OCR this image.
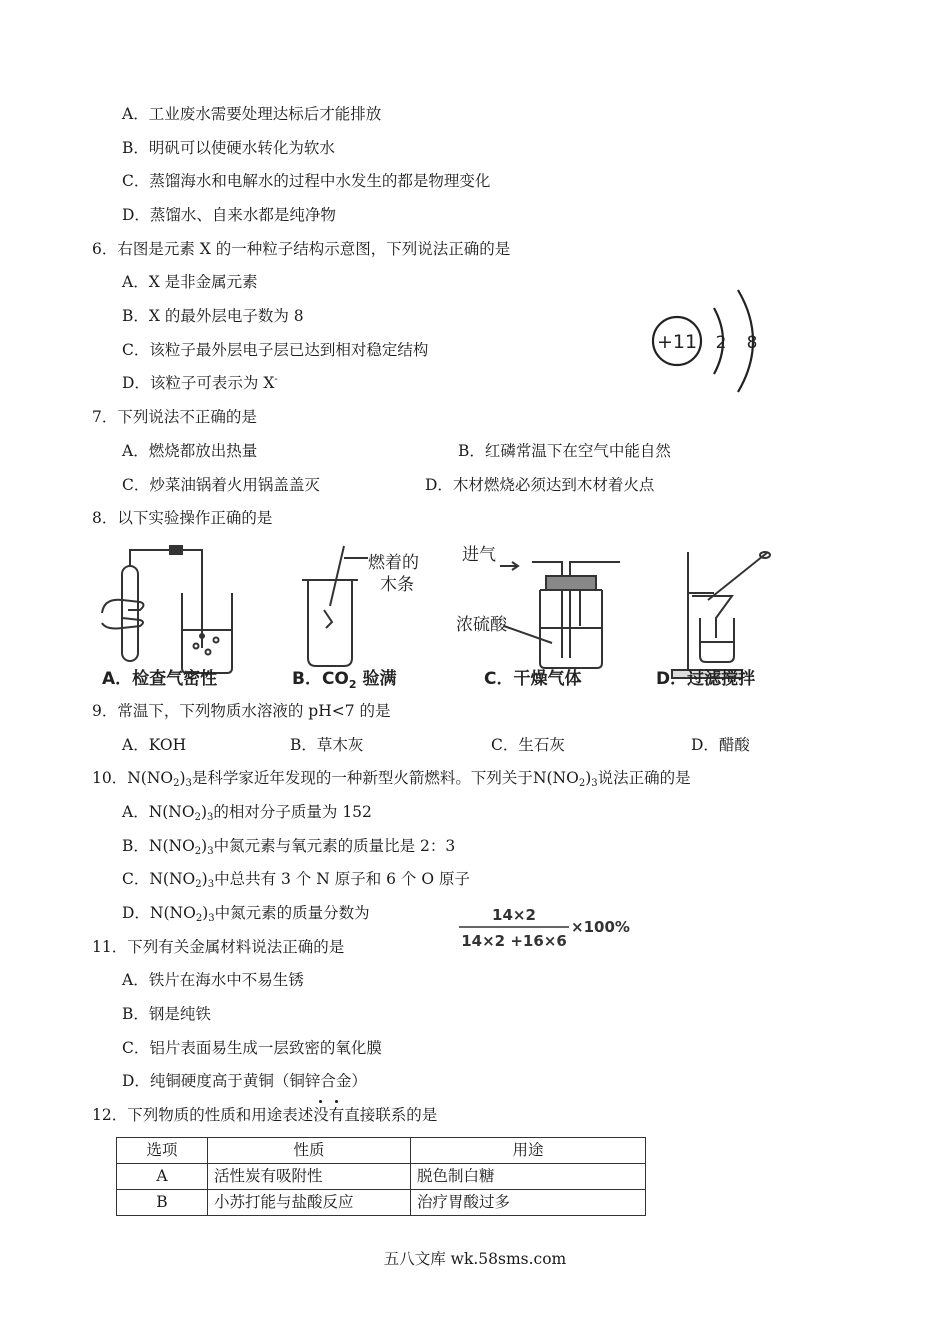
A．工业废水需要处理达标后才能排放
B．明矾可以使硬水转化为软水
C．蒸馏海水和电解水的过程中水发生的都是物理变化
D．蒸馏水、自来水都是纯净物
6．右图是元素 X 的一种粒子结构示意图，下列说法正确的是
A．X 是非金属元素
B．X 的最外层电子数为 8
C．该粒子最外层电子层已达到相对稳定结构
D．该粒子可表示为 X-
+11 2 8
7．下列说法不正确的是
A．燃烧都放出热量	B．红磷常温下在空气中能自然
C．炒菜油锅着火用锅盖盖灭	D．木材燃烧必须达到木材着火点
8．以下实验操作正确的是
燃着的
木条
进气
浓硫酸
A．检查气密性	B．$CO_2$ 验满	C．干燥气体	D．过滤搅拌
9．常温下，下列物质水溶液的 pH<7 的是
A．KOH	B．草木灰	C．生石灰	D．醋酸
10．$N(NO_2)_3$是科学家近年发现的一种新型火箭燃料。下列关于$N(NO_2)_3$说法正确的是
A．$N(NO_2)_3$的相对分子质量为 152
B．$N(NO_2)_3$中氮元素与氧元素的质量比是 2：3
C．$N(NO_2)_3$中总共有 3 个 N 原子和 6 个 O 原子
D．$N(NO_2)_3$中氮元素的质量分数为	14×2
14×2 +16×6
×100%
11．下列有关金属材料说法正确的是
A．铁片在海水中不易生锈
B．钢是纯铁
C．铝片表面易生成一层致密的氧化膜
D．纯铜硬度高于黄铜（铜锌合金）
12．下列物质的性质和用途表述没有直接联系的是
选项	性质	用途
A	活性炭有吸附性	脱色制白糖
B	小苏打能与盐酸反应	治疗胃酸过多
五八文库 wk.58sms.com
